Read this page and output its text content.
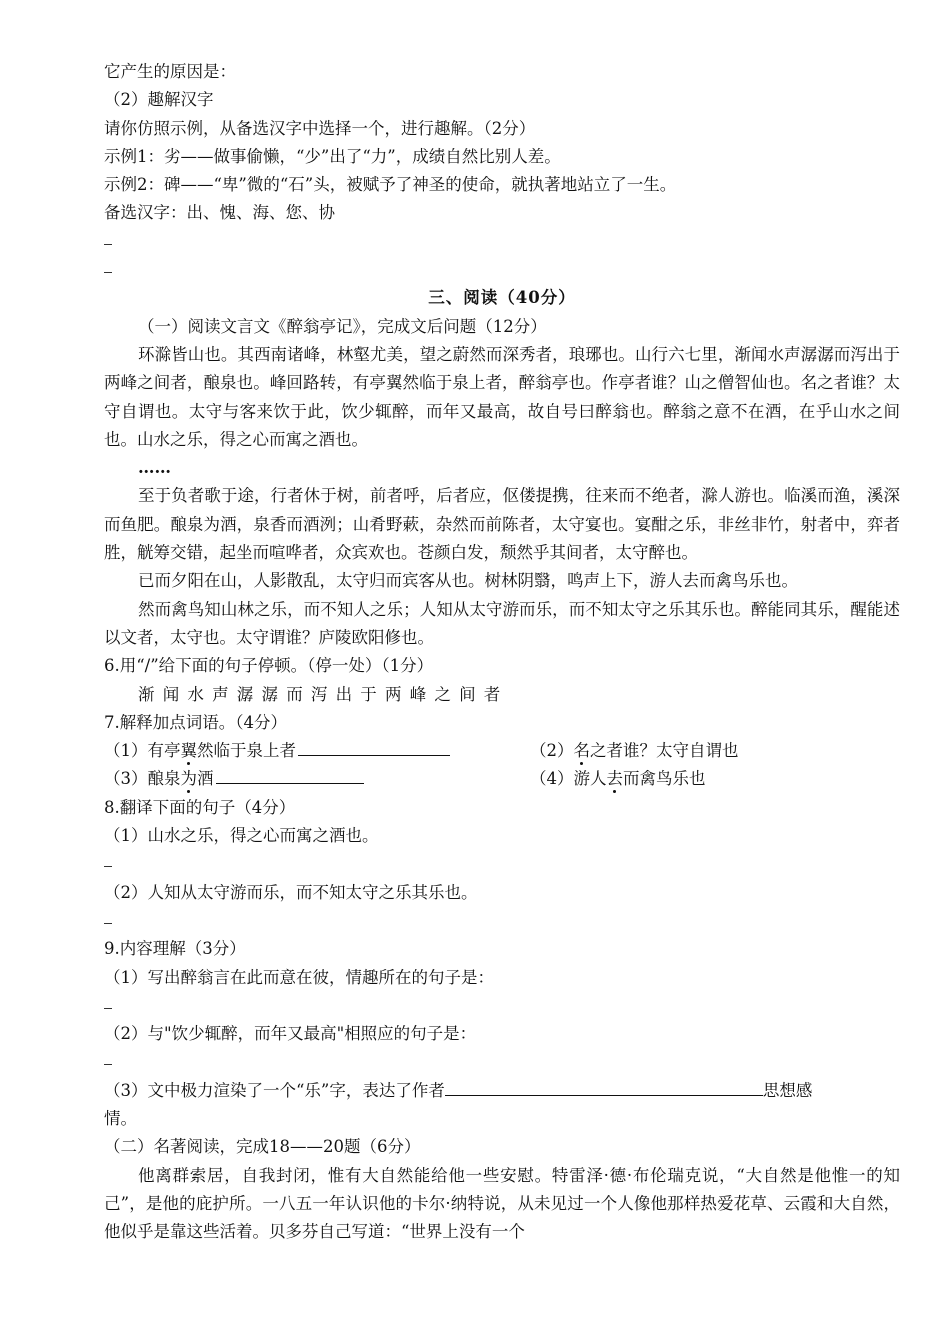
它产生的原因是：

（2）趣解汉字

请你仿照示例，从备选汉字中选择一个，进行趣解。（2分）

示例1：劣——做事偷懒，“少”出了“力”，成绩自然比别人差。

示例2：碑——“卑”微的“石”头，被赋予了神圣的使命，就执著地站立了一生。

备选汉字：出、愧、海、您、协

三、阅读（40分）

（一）阅读文言文《醉翁亭记》，完成文后问题（12分）

环滁皆山也。其西南诸峰，林壑尤美，望之蔚然而深秀者，琅琊也。山行六七里，渐闻水声潺潺而泻出于两峰之间者，酿泉也。峰回路转，有亭翼然临于泉上者，醉翁亭也。作亭者谁？山之僧智仙也。名之者谁？太守自谓也。太守与客来饮于此，饮少辄醉，而年又最高，故自号曰醉翁也。醉翁之意不在酒，在乎山水之间也。山水之乐，得之心而寓之酒也。

……

至于负者歌于途，行者休于树，前者呼，后者应，伛偻提携，往来而不绝者，滁人游也。临溪而渔，溪深而鱼肥。酿泉为酒，泉香而酒洌；山肴野蔌，杂然而前陈者，太守宴也。宴酣之乐，非丝非竹，射者中，弈者胜，觥筹交错，起坐而喧哗者，众宾欢也。苍颜白发，颓然乎其间者，太守醉也。

已而夕阳在山，人影散乱，太守归而宾客从也。树林阴翳，鸣声上下，游人去而禽鸟乐也。

然而禽鸟知山林之乐，而不知人之乐；人知从太守游而乐，而不知太守之乐其乐也。醉能同其乐，醒能述以文者，太守也。太守谓谁？庐陵欧阳修也。

6.用“/”给下面的句子停顿。（停一处）（1分）

渐闻水声潺潺而泻出于两峰之间者

7.解释加点词语。（4分）

（1）有亭翼然临于泉上者	（2）名之者谁？太守自谓也
（3）酿泉为酒	（4）游人去而禽鸟乐也

8.翻译下面的句子（4分）

（1）山水之乐，得之心而寓之酒也。

（2）人知从太守游而乐，而不知太守之乐其乐也。

9.内容理解（3分）

（1）写出醉翁言在此而意在彼，情趣所在的句子是：

（2）与"饮少辄醉，而年又最高"相照应的句子是：

（3）文中极力渲染了一个“乐”字，表达了作者	思想感

情。

（二）名著阅读，完成18——20题（6分）

他离群索居，自我封闭，惟有大自然能给他一些安慰。特雷泽·德·布伦瑞克说，“大自然是他惟一的知己”，是他的庇护所。一八五一年认识他的卡尔·纳特说，从未见过一个人像他那样热爱花草、云霞和大自然，他似乎是靠这些活着。贝多芬自己写道：“世界上没有一个
